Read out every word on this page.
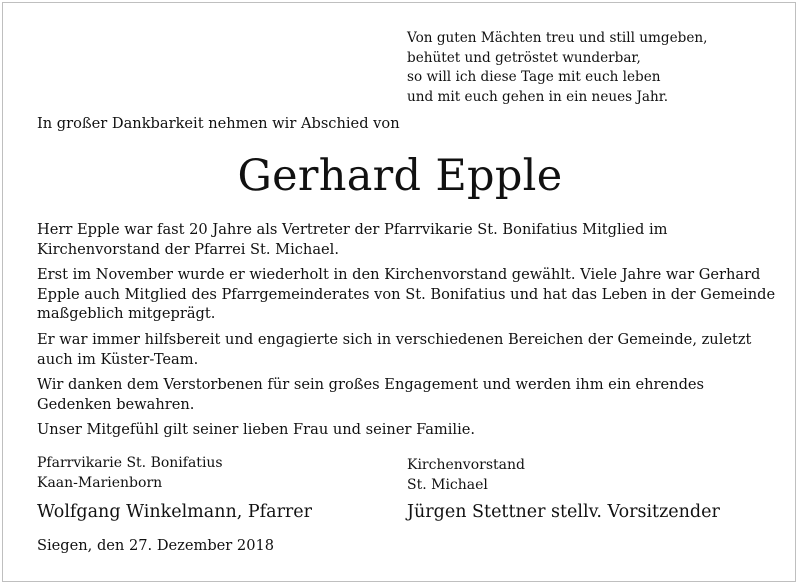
Von guten Mächten treu und still umgeben,
behütet und getröstet wunderbar,
so will ich diese Tage mit euch leben
und mit euch gehen in ein neues Jahr.
In großer Dankbarkeit nehmen wir Abschied von
Gerhard Epple

Herr Epple war fast 20 Jahre als Vertreter der Pfarrvikarie St. Bonifatius Mitglied im Kirchenvorstand der Pfarrei St. Michael.

Erst im November wurde er wiederholt in den Kirchenvorstand gewählt. Viele Jahre war Gerhard Epple auch Mitglied des Pfarrgemeinderates von St. Bonifatius und hat das Leben in der Gemeinde maßgeblich mitgeprägt.

Er war immer hilfsbereit und engagierte sich in verschiedenen Bereichen der Gemeinde, zuletzt auch im Küster-Team.

Wir danken dem Verstorbenen für sein großes Engagement und werden ihm ein ehrendes Gedenken bewahren.

Unser Mitgefühl gilt seiner lieben Frau und seiner Familie.

Pfarrvikarie St. Bonifatius
Kaan-Marienborn
Wolfgang Winkelmann, Pfarrer
Kirchenvorstand
St. Michael
Jürgen Stettner stellv. Vorsitzender
Siegen, den 27. Dezember 2018
